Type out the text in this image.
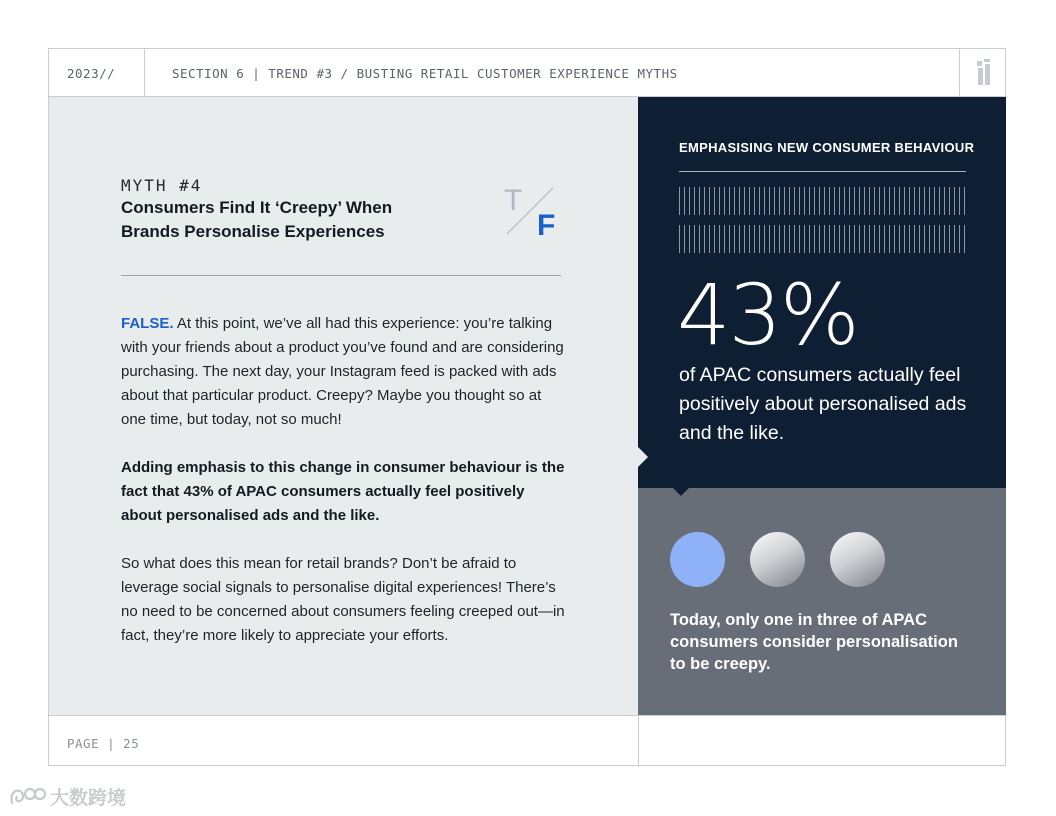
2023//	SECTION 6 | TREND #3 / BUSTING RETAIL CUSTOMER EXPERIENCE MYTHS
MYTH #4
Consumers Find It ‘Creepy’ When Brands Personalise Experiences
T
F
FALSE. At this point, we’ve all had this experience: you’re talking with your friends about a product you’ve found and are considering purchasing. The next day, your Instagram feed is packed with ads about that particular product. Creepy? Maybe you thought so at one time, but today, not so much!
Adding emphasis to this change in consumer behaviour is the fact that 43% of APAC consumers actually feel positively about personalised ads and the like.
So what does this mean for retail brands? Don’t be afraid to leverage social signals to personalise digital experiences! There’s no need to be concerned about consumers feeling creeped out—in fact, they’re more likely to appreciate your efforts.
EMPHASISING NEW CONSUMER BEHAVIOUR
43%
of APAC consumers actually feel positively about personalised ads and the like.
Today, only one in three of APAC consumers consider personalisation to be creepy.
PAGE | 25
大数跨境
